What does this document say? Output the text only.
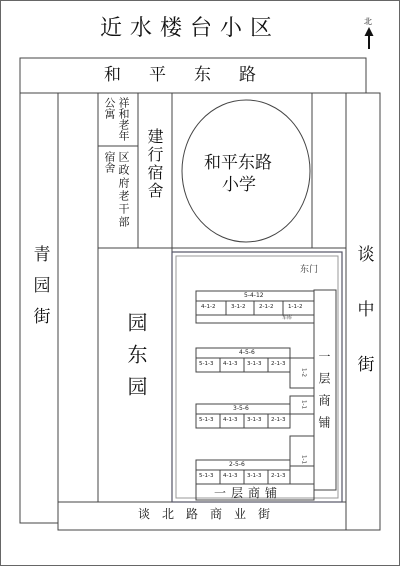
近水楼台小区	北
和平东路
青园街	谈中街
谈北路商业街
祥和老年
公寓
区政府老干部
宿舍 建行宿舍 和平东路
小学
园东园
东门
5-4-12
4-1-2	3-1-2 2-1-2	1-1-2
车库
4-5-6
5-1-3 4-1-3 3-1-3 2-1-3
3-5-6
5-1-3 4-1-3 3-1-3 2-1-3
2-5-6
5-1-3 4-1-3 3-1-3 2-1-3
1-2
1-1
1-1
一层商铺
一层商铺
